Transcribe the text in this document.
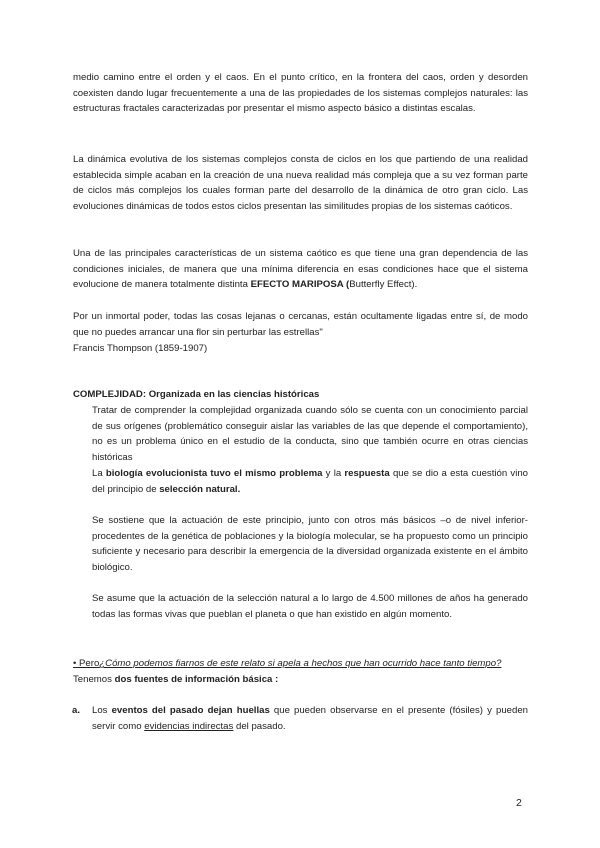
medio camino entre el orden y el caos. En el punto crítico, en la frontera del caos, orden y desorden coexisten dando lugar frecuentemente a una de las propiedades de los sistemas complejos naturales: las estructuras fractales caracterizadas por presentar el mismo aspecto básico a distintas escalas.

La dinámica evolutiva de los sistemas complejos consta de ciclos en los que partiendo de una realidad establecida simple acaban en la creación de una nueva realidad más compleja que a su vez forman parte de ciclos más complejos los cuales forman parte del desarrollo de la dinámica de otro gran ciclo. Las evoluciones dinámicas de todos estos ciclos presentan las similitudes propias de los sistemas caóticos.

Una de las principales características de un sistema caótico es que tiene una gran dependencia de las condiciones iniciales, de manera que una mínima diferencia en esas condiciones hace que el sistema evolucione de manera totalmente distinta EFECTO MARIPOSA (Butterfly Effect).

Por un inmortal poder, todas las cosas lejanas o cercanas, están ocultamente ligadas entre sí, de modo que no puedes arrancar una flor sin perturbar las estrellas"

Francis Thompson (1859-1907)

COMPLEJIDAD: Organizada en las ciencias históricas

Tratar de comprender la complejidad organizada cuando sólo se cuenta con un conocimiento parcial de sus orígenes (problemático conseguir aislar las variables de las que depende el comportamiento), no es un problema único en el estudio de la conducta, sino que también ocurre en otras ciencias históricas

La biología evolucionista tuvo el mismo problema y la respuesta que se dio a esta cuestión vino del principio de selección natural.

Se sostiene que la actuación de este principio, junto con otros más básicos –o de nivel inferior- procedentes de la genética de poblaciones y la biología molecular, se ha propuesto como un principio suficiente y necesario para describir la emergencia de la diversidad organizada existente en el ámbito biológico.

Se asume que la actuación de la selección natural a lo largo de 4.500 millones de años ha generado todas las formas vivas que pueblan el planeta o que han existido en algún momento.

• Pero¿Cómo podemos fiarnos de este relato si apela a hechos que han ocurrido hace tanto tiempo?

Tenemos dos fuentes de información básica :

a. Los eventos del pasado dejan huellas que pueden observarse en el presente (fósiles) y pueden servir como evidencias indirectas del pasado.
2
